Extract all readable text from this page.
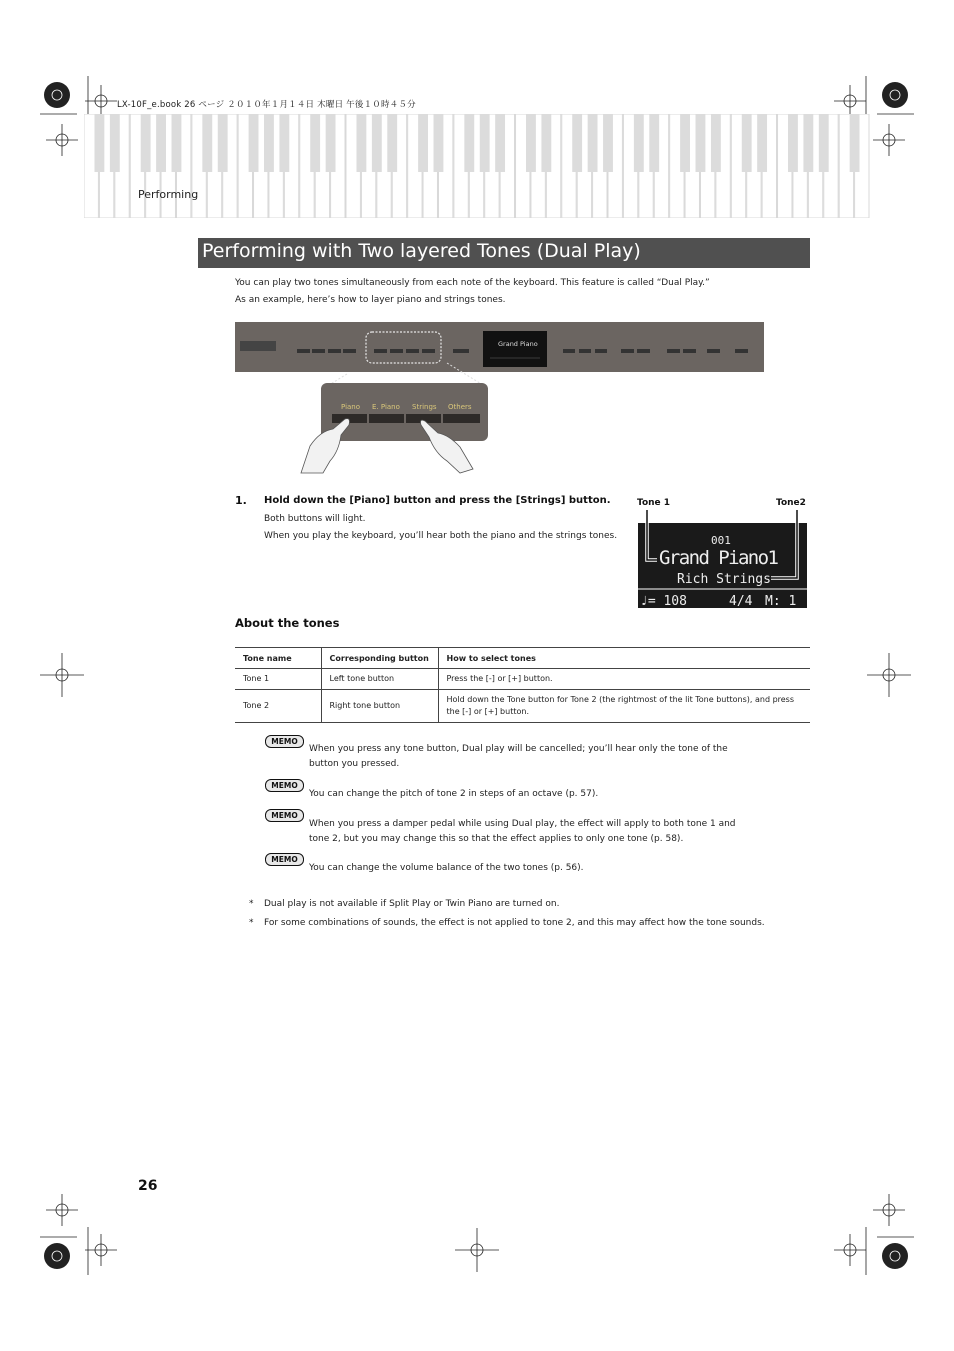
LX-10F_e.book 26 ページ ２０１０年１月１４日 木曜日 午後１０時４５分
Performing
Performing with Two layered Tones (Dual Play)
You can play two tones simultaneously from each note of the keyboard. This feature is called “Dual Play.”
As an example, here’s how to layer piano and strings tones.
Grand Piano
Piano E. Piano Strings Others
1. Hold down the [Piano] button and press the [Strings] button.
Both buttons will light.
When you play the keyboard, you’ll hear both the piano and the strings tones.
Tone 1	Tone2
001
Grand Piano1
Rich Strings
♩= 108	4/4 M: 1
About the tones
Tone name	Corresponding button	How to select tones
Tone 1	Left tone button	Press the [-] or [+] button.
Tone 2	Right tone button	Hold down the Tone button for Tone 2 (the rightmost of the lit Tone buttons), and press the [-] or [+] button.
MEMO
When you press any tone button, Dual play will be cancelled; you’ll hear only the tone of the button you pressed.
MEMO
You can change the pitch of tone 2 in steps of an octave (p. 57).
MEMO
When you press a damper pedal while using Dual play, the effect will apply to both tone 1 and tone 2, but you may change this so that the effect applies to only one tone (p. 58).
MEMO
You can change the volume balance of the two tones (p. 56).
* Dual play is not available if Split Play or Twin Piano are turned on.
* For some combinations of sounds, the effect is not applied to tone 2, and this may affect how the tone sounds.
26
